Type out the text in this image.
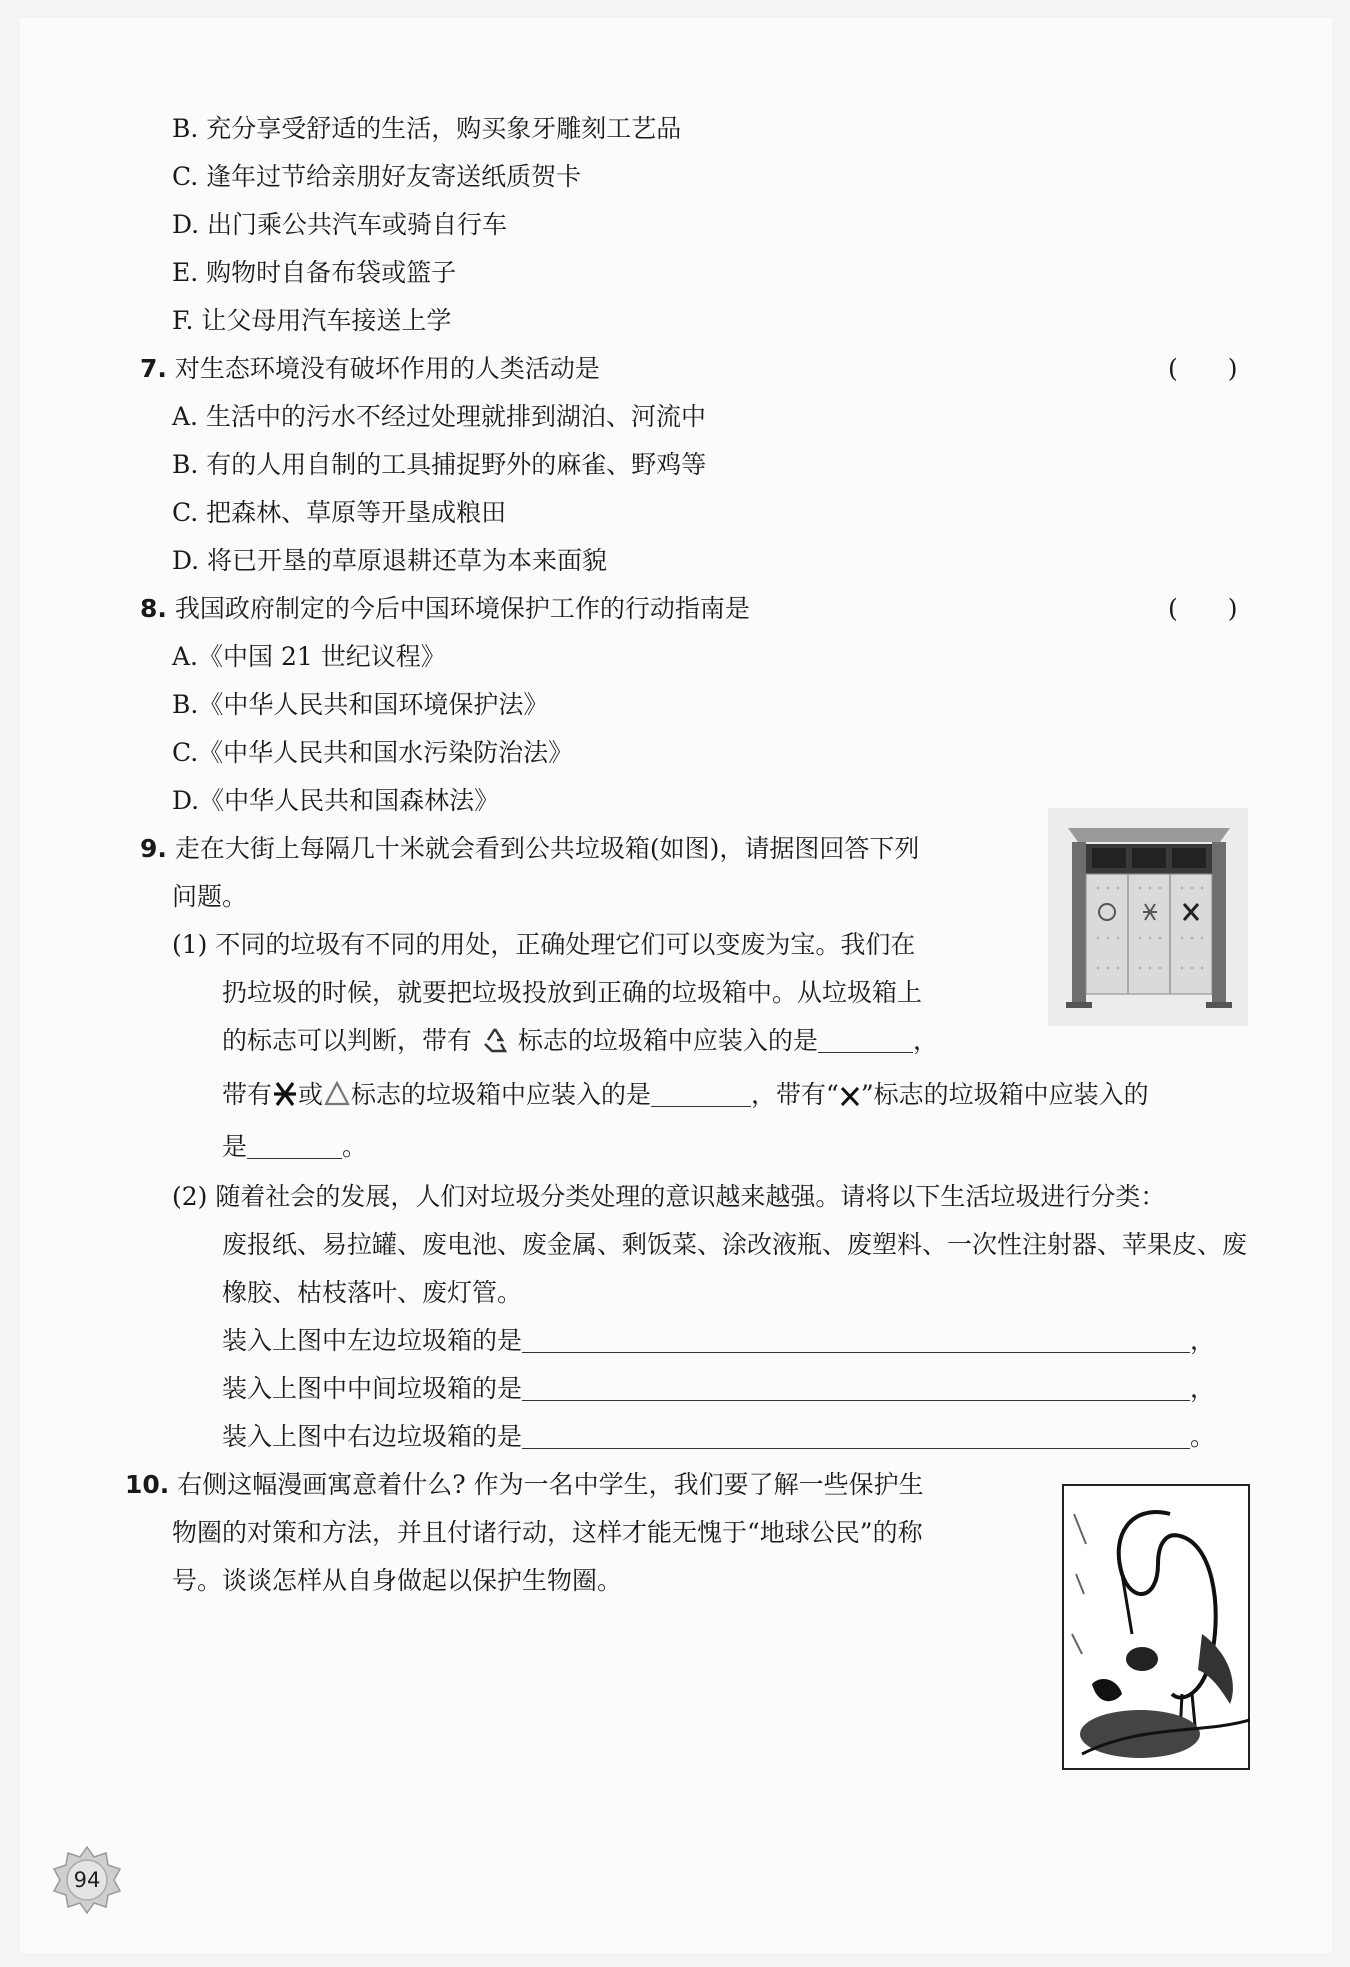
B. 充分享受舒适的生活，购买象牙雕刻工艺品
C. 逢年过节给亲朋好友寄送纸质贺卡
D. 出门乘公共汽车或骑自行车
E. 购物时自备布袋或篮子
F. 让父母用汽车接送上学
7. 对生态环境没有破坏作用的人类活动是	(　　)
A. 生活中的污水不经过处理就排到湖泊、河流中
B. 有的人用自制的工具捕捉野外的麻雀、野鸡等
C. 把森林、草原等开垦成粮田
D. 将已开垦的草原退耕还草为本来面貌
8. 我国政府制定的今后中国环境保护工作的行动指南是	(　　)
A.《中国 21 世纪议程》
B.《中华人民共和国环境保护法》
C.《中华人民共和国水污染防治法》
D.《中华人民共和国森林法》
9. 走在大街上每隔几十米就会看到公共垃圾箱(如图)，请据图回答下列
问题。
(1) 不同的垃圾有不同的用处，正确处理它们可以变废为宝。我们在
扔垃圾的时候，就要把垃圾投放到正确的垃圾箱中。从垃圾箱上
的标志可以判断，带有 标志的垃圾箱中应装入的是	，
带有 或 标志的垃圾箱中应装入的是	，带有“ ”标志的垃圾箱中应装入的
是	。
(2) 随着社会的发展，人们对垃圾分类处理的意识越来越强。请将以下生活垃圾进行分类：
废报纸、易拉罐、废电池、废金属、剩饭菜、涂改液瓶、废塑料、一次性注射器、苹果皮、废
橡胶、枯枝落叶、废灯管。
装入上图中左边垃圾箱的是	，
装入上图中中间垃圾箱的是	，
装入上图中右边垃圾箱的是	。
10. 右侧这幅漫画寓意着什么? 作为一名中学生，我们要了解一些保护生
物圈的对策和方法，并且付诸行动，这样才能无愧于“地球公民”的称
号。谈谈怎样从自身做起以保护生物圈。
94
